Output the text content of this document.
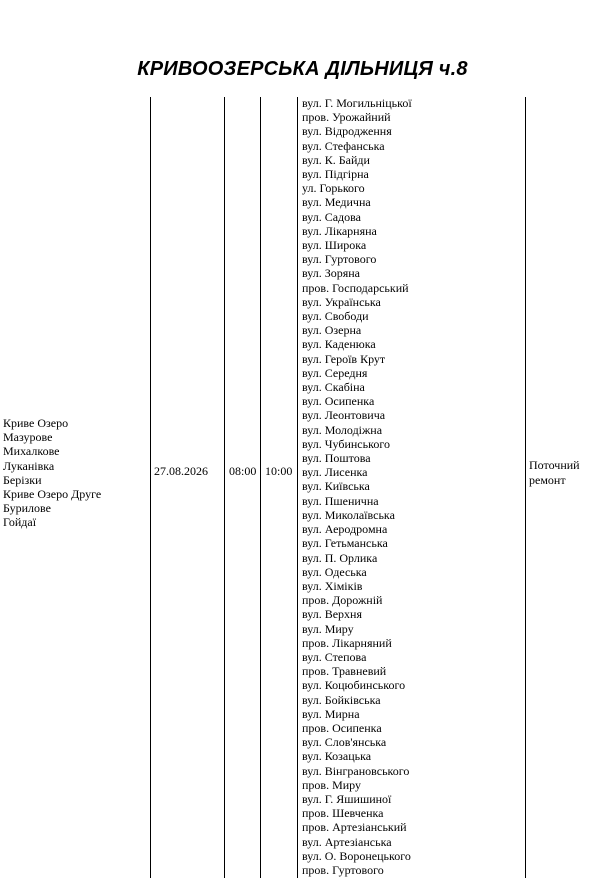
КРИВООЗЕРСЬКА ДІЛЬНИЦЯ ч.8
Криве Озеро
Мазурове
Михалкове
Луканівка
Берізки
Криве Озеро Друге
Бурилове
Гойдаї
27.08.2026 08:00 10:00
вул. Г. Могильніцької
пров. Урожайний
вул. Відродження
вул. Стефанська
вул. К. Байди
вул. Підгірна
ул. Горького
вул. Медична
вул. Садова
вул. Лікарняна
вул. Широка
вул. Гуртового
вул. Зоряна
пров. Господарський
вул. Українська
вул. Свободи
вул. Озерна
вул. Каденюка
вул. Героїв Крут
вул. Середня
вул. Скабіна
вул. Осипенка
вул. Леонтовича
вул. Молодіжна
вул. Чубинського
вул. Поштова
вул. Лисенка
вул. Київська
вул. Пшенична
вул. Миколаївська
вул. Аеродромна
вул. Гетьманська
вул. П. Орлика
вул. Одеська
вул. Хіміків
пров. Дорожній
вул. Верхня
вул. Миру
пров. Лікарняний
вул. Степова
пров. Травневий
вул. Коцюбинського
вул. Бойківська
вул. Мирна
пров. Осипенка
вул. Слов'янська
вул. Козацька
вул. Вінграновського
пров. Миру
вул. Г. Яшишиної
пров. Шевченка
пров. Артезіанський
вул. Артезіанська
вул. О. Воронецького
пров. Гуртового
Поточний
ремонт
